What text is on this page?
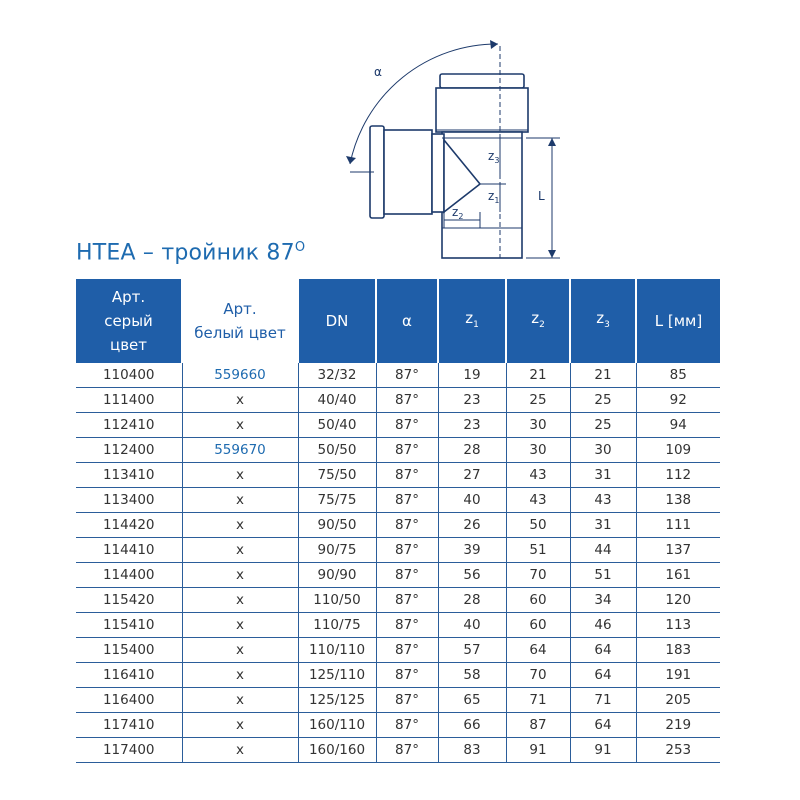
α
$z_3$
$z_1$
$z_2$
L
HTEA – тройник $87^O$
Арт.
серый
цвет	Арт.
белый цвет	DN	α	$z_1$	$z_2$	$z_3$	L [мм]
110400	559660	32/32	87°	19	21	21	85
111400	x	40/40	87°	23	25	25	92
112410	x	50/40	87°	23	30	25	94
112400	559670	50/50	87°	28	30	30	109
113410	x	75/50	87°	27	43	31	112
113400	x	75/75	87°	40	43	43	138
114420	x	90/50	87°	26	50	31	111
114410	x	90/75	87°	39	51	44	137
114400	x	90/90	87°	56	70	51	161
115420	x	110/50	87°	28	60	34	120
115410	x	110/75	87°	40	60	46	113
115400	x	110/110	87°	57	64	64	183
116410	x	125/110	87°	58	70	64	191
116400	x	125/125	87°	65	71	71	205
117410	x	160/110	87°	66	87	64	219
117400	x	160/160	87°	83	91	91	253
